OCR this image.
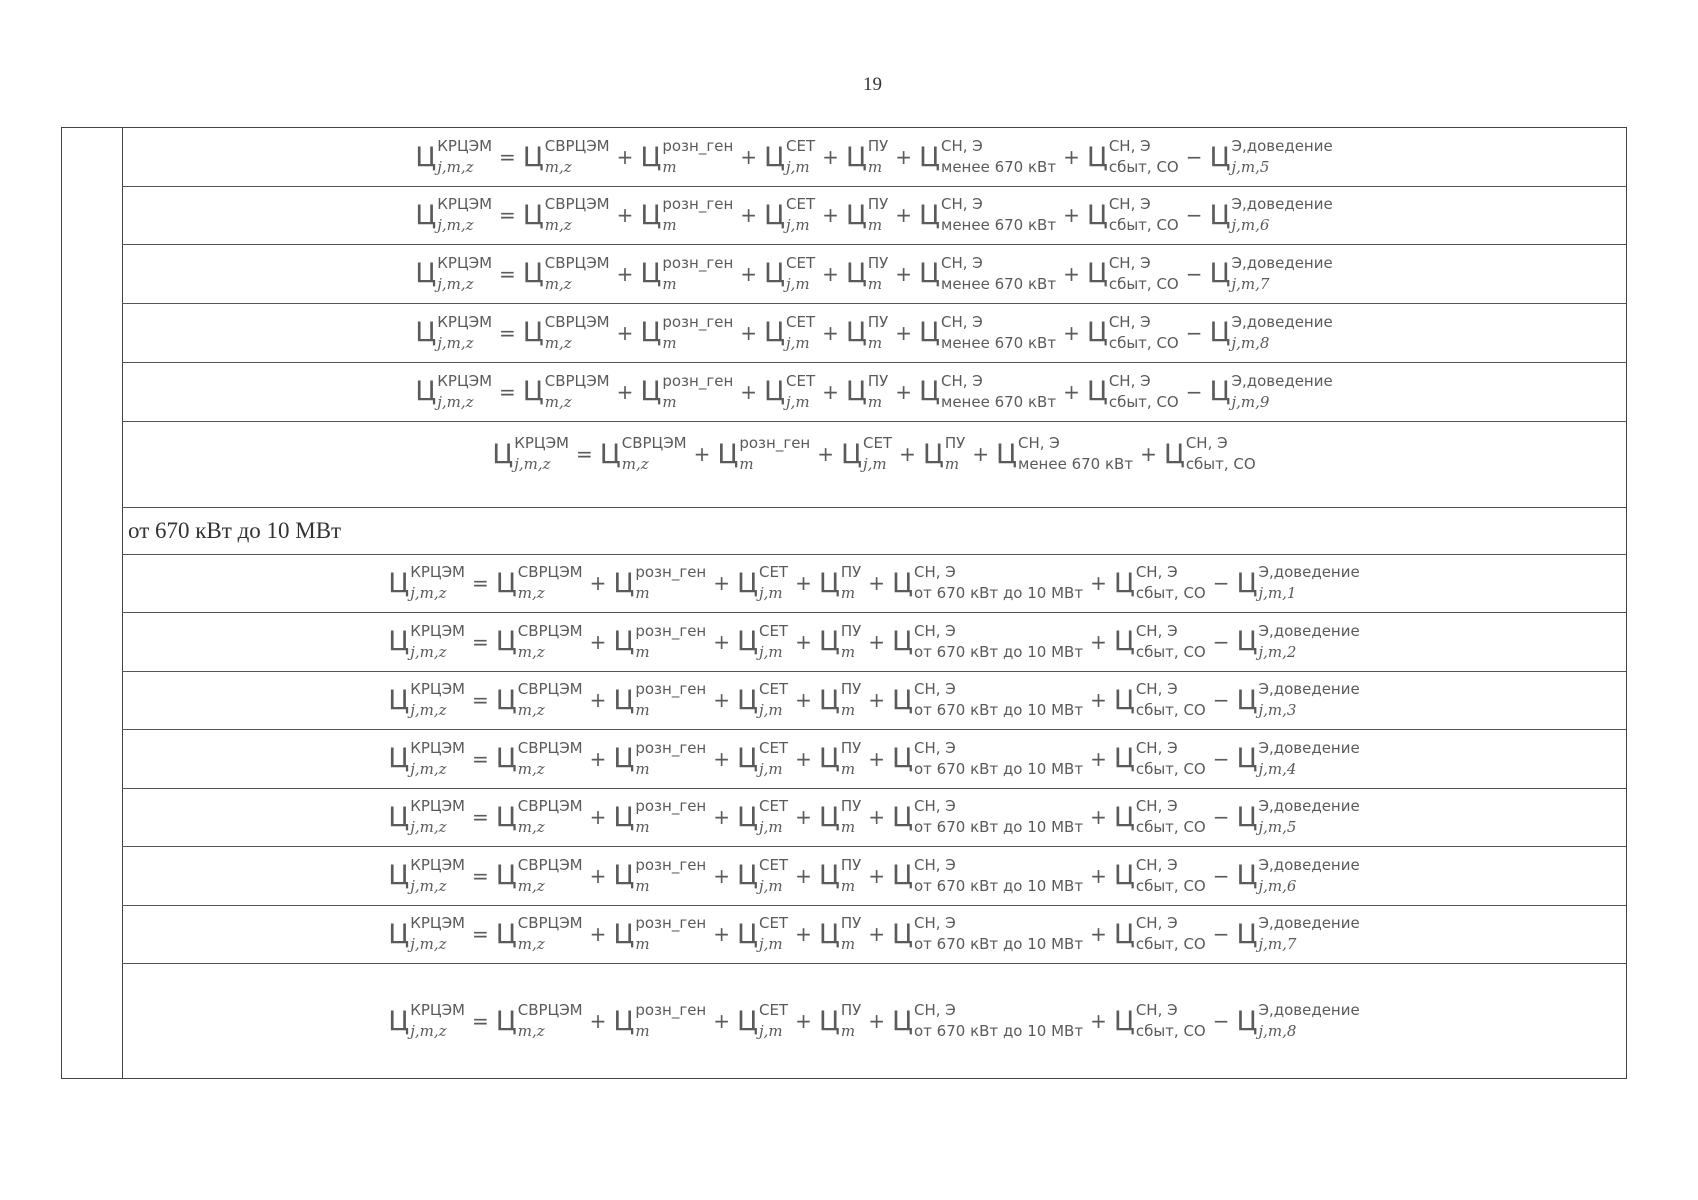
19
Ц КРЦЭМ
j,m,z	= Ц СВРЦЭМ
m,z	+ Ц розн_ген
m	+ Ц СЕТ
j,m + Ц ПУ
m + Ц СН, Э
менее 670 кВт + Ц СН, Э
сбыт, СО − Ц Э,доведение
j,m,5
Ц КРЦЭМ
j,m,z	= Ц СВРЦЭМ
m,z	+ Ц розн_ген
m	+ Ц СЕТ
j,m + Ц ПУ
m + Ц СН, Э
менее 670 кВт + Ц СН, Э
сбыт, СО − Ц Э,доведение
j,m,6
Ц КРЦЭМ
j,m,z	= Ц СВРЦЭМ
m,z	+ Ц розн_ген
m	+ Ц СЕТ
j,m + Ц ПУ
m + Ц СН, Э
менее 670 кВт + Ц СН, Э
сбыт, СО − Ц Э,доведение
j,m,7
Ц КРЦЭМ
j,m,z	= Ц СВРЦЭМ
m,z	+ Ц розн_ген
m	+ Ц СЕТ
j,m + Ц ПУ
m + Ц СН, Э
менее 670 кВт + Ц СН, Э
сбыт, СО − Ц Э,доведение
j,m,8
Ц КРЦЭМ
j,m,z	= Ц СВРЦЭМ
m,z	+ Ц розн_ген
m	+ Ц СЕТ
j,m + Ц ПУ
m + Ц СН, Э
менее 670 кВт + Ц СН, Э
сбыт, СО − Ц Э,доведение
j,m,9
Ц КРЦЭМ
j,m,z	= Ц СВРЦЭМ
m,z	+ Ц розн_ген
m	+ Ц СЕТ
j,m + Ц ПУ
m + Ц СН, Э
менее 670 кВт + Ц СН, Э
сбыт, СО
от 670 кВт до 10 МВт
Ц КРЦЭМ
j,m,z	= Ц СВРЦЭМ
m,z	+ Ц розн_ген
m	+ Ц СЕТ
j,m + Ц ПУ
m + Ц СН, Э
от 670 кВт до 10 МВт + Ц СН, Э
сбыт, СО − Ц Э,доведение
j,m,1
Ц КРЦЭМ
j,m,z	= Ц СВРЦЭМ
m,z	+ Ц розн_ген
m	+ Ц СЕТ
j,m + Ц ПУ
m + Ц СН, Э
от 670 кВт до 10 МВт + Ц СН, Э
сбыт, СО − Ц Э,доведение
j,m,2
Ц КРЦЭМ
j,m,z	= Ц СВРЦЭМ
m,z	+ Ц розн_ген
m	+ Ц СЕТ
j,m + Ц ПУ
m + Ц СН, Э
от 670 кВт до 10 МВт + Ц СН, Э
сбыт, СО − Ц Э,доведение
j,m,3
Ц КРЦЭМ
j,m,z	= Ц СВРЦЭМ
m,z	+ Ц розн_ген
m	+ Ц СЕТ
j,m + Ц ПУ
m + Ц СН, Э
от 670 кВт до 10 МВт + Ц СН, Э
сбыт, СО − Ц Э,доведение
j,m,4
Ц КРЦЭМ
j,m,z	= Ц СВРЦЭМ
m,z	+ Ц розн_ген
m	+ Ц СЕТ
j,m + Ц ПУ
m + Ц СН, Э
от 670 кВт до 10 МВт + Ц СН, Э
сбыт, СО − Ц Э,доведение
j,m,5
Ц КРЦЭМ
j,m,z	= Ц СВРЦЭМ
m,z	+ Ц розн_ген
m	+ Ц СЕТ
j,m + Ц ПУ
m + Ц СН, Э
от 670 кВт до 10 МВт + Ц СН, Э
сбыт, СО − Ц Э,доведение
j,m,6
Ц КРЦЭМ
j,m,z	= Ц СВРЦЭМ
m,z	+ Ц розн_ген
m	+ Ц СЕТ
j,m + Ц ПУ
m + Ц СН, Э
от 670 кВт до 10 МВт + Ц СН, Э
сбыт, СО − Ц Э,доведение
j,m,7
Ц КРЦЭМ
j,m,z	= Ц СВРЦЭМ
m,z	+ Ц розн_ген
m	+ Ц СЕТ
j,m + Ц ПУ
m + Ц СН, Э
от 670 кВт до 10 МВт + Ц СН, Э
сбыт, СО − Ц Э,доведение
j,m,8
